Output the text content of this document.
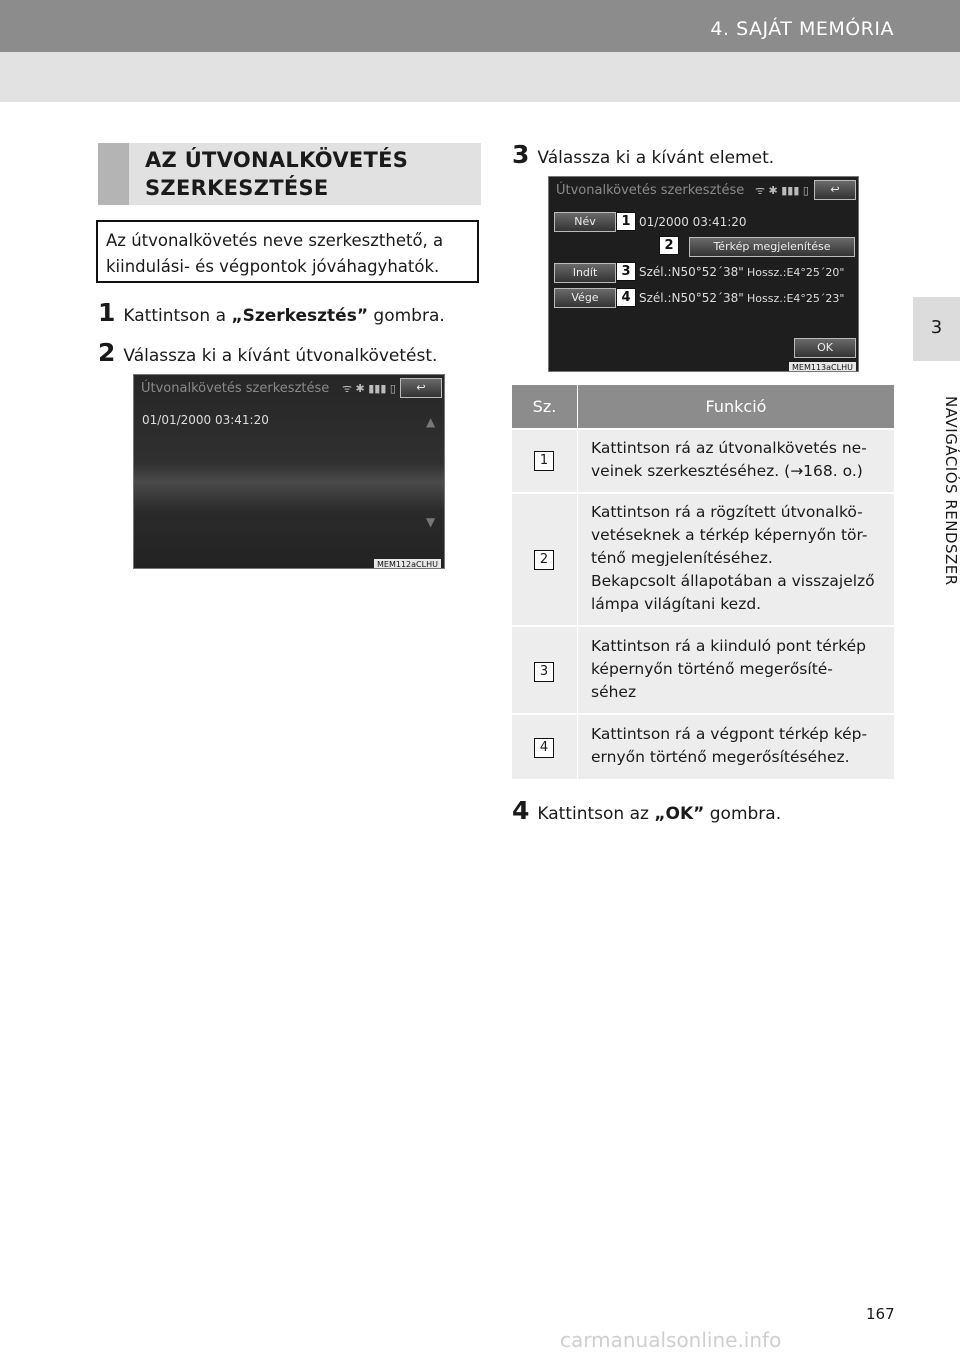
4. SAJÁT MEMÓRIA
3
NAVIGÁCIÓS RENDSZER
AZ ÚTVONALKÖVETÉS
SZERKESZTÉSE
Az útvonalkövetés neve szerkeszthető, a
kiindulási- és végpontok jóváhagyhatók.
1 Kattintson a „Szerkesztés” gombra.
2 Válassza ki a kívánt útvonalkövetést.
Útvonalkövetés szerkesztése ᯤ ✱ ▮▮▮ ▯	↩
01/01/2000 03:41:20	▲
▼
MEM112aCLHU
3 Válassza ki a kívánt elemet.
Útvonalkövetés szerkesztése ᯤ ✱ ▮▮▮ ▯	↩
Név	01/2000 03:41:20
Térkép megjelenítése
Indít	Szél.:N50°52´38" Hossz.:E4°25´20"
Vége	Szél.:N50°52´38" Hossz.:E4°25´23"
OK
MEM113aCLHU
1
2
3
4
Sz.	Funkció
1
Kattintson rá az útvonalkövetés ne-
veinek szerkesztéséhez. (→168. o.)
2
Kattintson rá a rögzített útvonalkö-
vetéseknek a térkép képernyőn tör-
ténő megjelenítéséhez.
Bekapcsolt állapotában a visszajelző
lámpa világítani kezd.
3
Kattintson rá a kiinduló pont térkép
képernyőn történő megerősíté-
séhez
4
Kattintson rá a végpont térkép kép-
ernyőn történő megerősítéséhez.
4 Kattintson az „OK” gombra.
167
carmanualsonline.info
